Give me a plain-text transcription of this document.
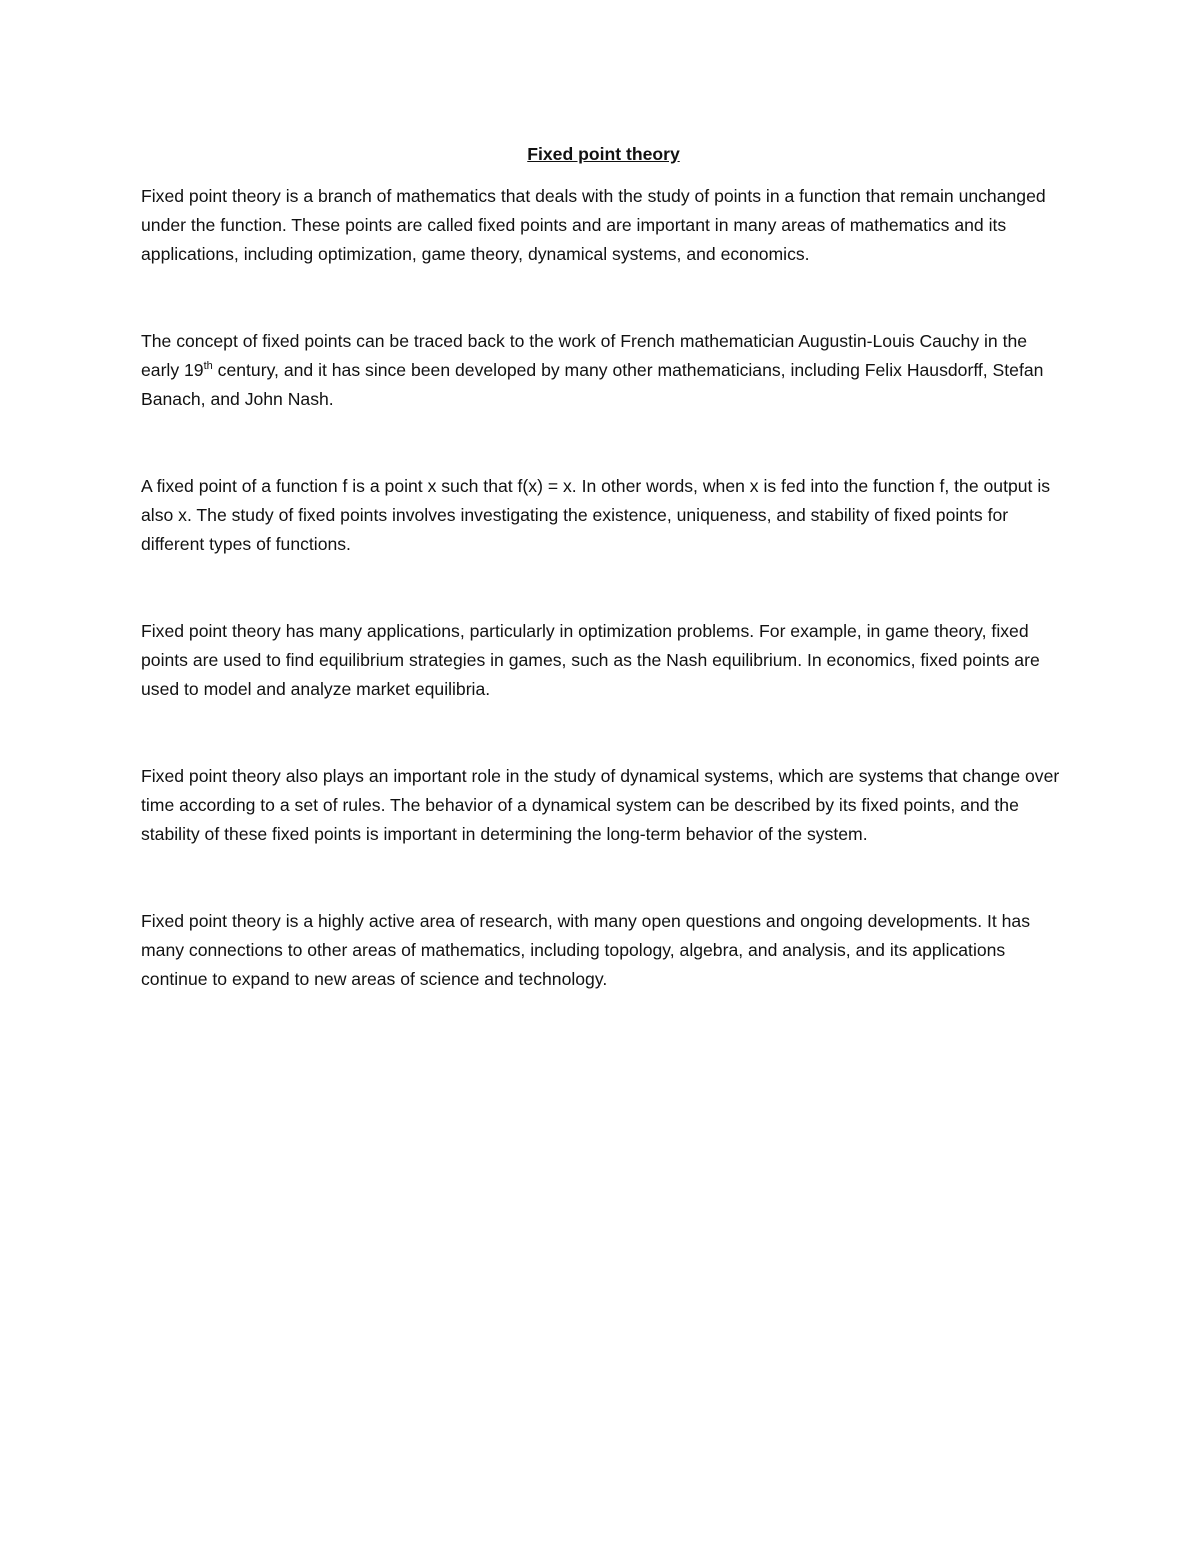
Fixed point theory

Fixed point theory is a branch of mathematics that deals with the study of points in a function that remain unchanged under the function. These points are called fixed points and are important in many areas of mathematics and its applications, including optimization, game theory, dynamical systems, and economics.

The concept of fixed points can be traced back to the work of French mathematician Augustin-Louis Cauchy in the early 19th century, and it has since been developed by many other mathematicians, including Felix Hausdorff, Stefan Banach, and John Nash.

A fixed point of a function f is a point x such that f(x) = x. In other words, when x is fed into the function f, the output is also x. The study of fixed points involves investigating the existence, uniqueness, and stability of fixed points for different types of functions.

Fixed point theory has many applications, particularly in optimization problems. For example, in game theory, fixed points are used to find equilibrium strategies in games, such as the Nash equilibrium. In economics, fixed points are used to model and analyze market equilibria.

Fixed point theory also plays an important role in the study of dynamical systems, which are systems that change over time according to a set of rules. The behavior of a dynamical system can be described by its fixed points, and the stability of these fixed points is important in determining the long-term behavior of the system.

Fixed point theory is a highly active area of research, with many open questions and ongoing developments. It has many connections to other areas of mathematics, including topology, algebra, and analysis, and its applications continue to expand to new areas of science and technology.
